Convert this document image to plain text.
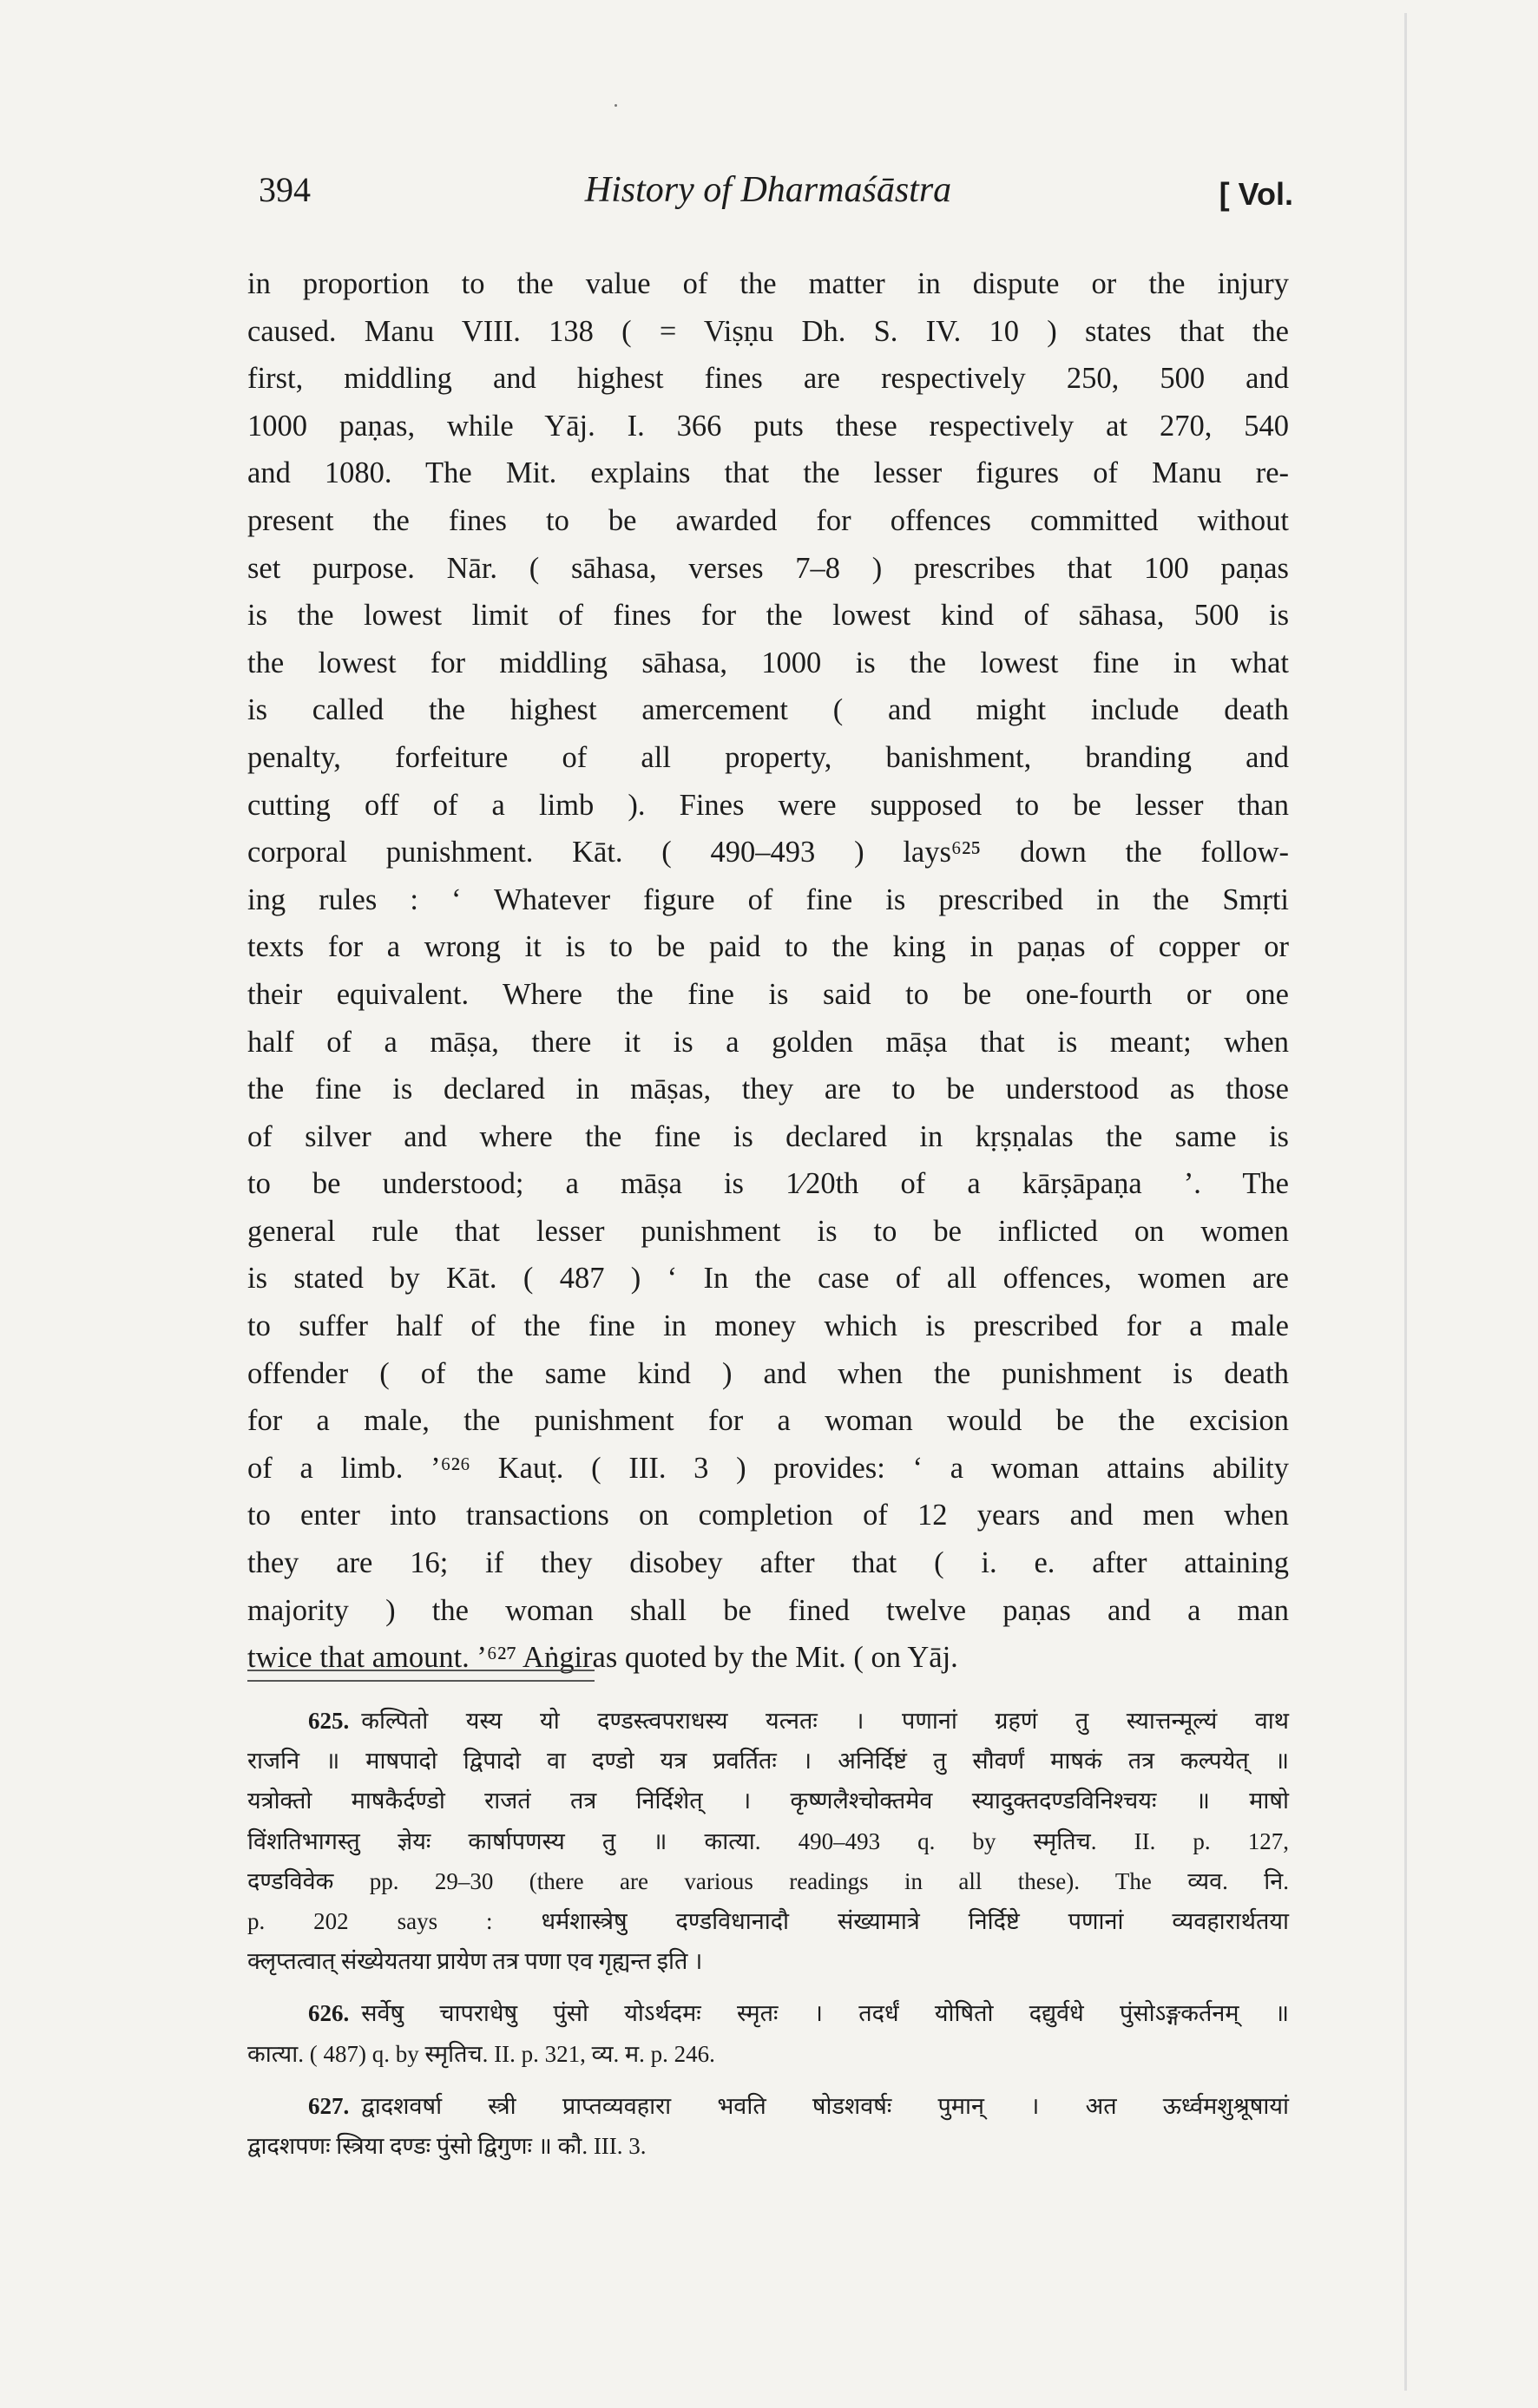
394	History of Dharmaśāstra	[ Vol.
in proportion to the value of the matter in dispute or the injury
caused. Manu VIII. 138 ( = Viṣṇu Dh. S. IV. 10 ) states that the
first, middling and highest fines are respectively 250, 500 and
1000 paṇas, while Yāj. I. 366 puts these respectively at 270, 540
and 1080. The Mit. explains that the lesser figures of Manu re-
present the fines to be awarded for offences committed without
set purpose. Nār. ( sāhasa, verses 7–8 ) prescribes that 100 paṇas
is the lowest limit of fines for the lowest kind of sāhasa, 500 is
the lowest for middling sāhasa, 1000 is the lowest fine in what
is called the highest amercement ( and might include death
penalty, forfeiture of all property, banishment, branding and
cutting off of a limb ). Fines were supposed to be lesser than
corporal punishment. Kāt. ( 490–493 ) lays⁶²⁵ down the follow-
ing rules : ‘ Whatever figure of fine is prescribed in the Smṛti
texts for a wrong it is to be paid to the king in paṇas of copper or
their equivalent. Where the fine is said to be one-fourth or one
half of a māṣa, there it is a golden māṣa that is meant; when
the fine is declared in māṣas, they are to be understood as those
of silver and where the fine is declared in kṛṣṇalas the same is
to be understood; a māṣa is 1⁄20th of a kārṣāpaṇa ’. The
general rule that lesser punishment is to be inflicted on women
is stated by Kāt. ( 487 ) ‘ In the case of all offences, women are
to suffer half of the fine in money which is prescribed for a male
offender ( of the same kind ) and when the punishment is death
for a male, the punishment for a woman would be the excision
of a limb. ’⁶²⁶ Kauṭ. ( III. 3 ) provides: ‘ a woman attains ability
to enter into transactions on completion of 12 years and men when
they are 16; if they disobey after that ( i. e. after attaining
majority ) the woman shall be fined twelve paṇas and a man
twice that amount. ’⁶²⁷ Aṅgiras quoted by the Mit. ( on Yāj.
625. कल्पितो यस्य यो दण्डस्त्वपराधस्य यत्नतः । पणानां ग्रहणं तु स्यात्तन्मूल्यं वाथ
राजनि ॥ माषपादो द्विपादो वा दण्डो यत्र प्रवर्तितः । अनिर्दिष्टं तु सौवर्णं माषकं तत्र कल्पयेत् ॥
यत्रोक्तो माषकैर्दण्डो राजतं तत्र निर्दिशेत् । कृष्णलैश्चोक्तमेव स्यादुक्तदण्डविनिश्चयः ॥ माषो
विंशतिभागस्तु ज्ञेयः कार्षापणस्य तु ॥ कात्या. 490–493 q. by स्मृतिच. II. p. 127,
दण्डविवेक pp. 29–30 (there are various readings in all these). The व्यव. नि.
p. 202 says : धर्मशास्त्रेषु दण्डविधानादौ संख्यामात्रे निर्दिष्टे पणानां व्यवहारार्थतया
क्लृप्तत्वात् संख्येयतया प्रायेण तत्र पणा एव गृह्यन्त इति ।
626. सर्वेषु चापराधेषु पुंसो योऽर्थदमः स्मृतः । तदर्धं योषितो दद्युर्वधे पुंसोऽङ्गकर्तनम् ॥
कात्या. ( 487) q. by स्मृतिच. II. p. 321, व्य. म. p. 246.
627. द्वादशवर्षा स्त्री प्राप्तव्यवहारा भवति षोडशवर्षः पुमान् । अत ऊर्ध्वमशुश्रूषायां
द्वादशपणः स्त्रिया दण्डः पुंसो द्विगुणः ॥ कौ. III. 3.
